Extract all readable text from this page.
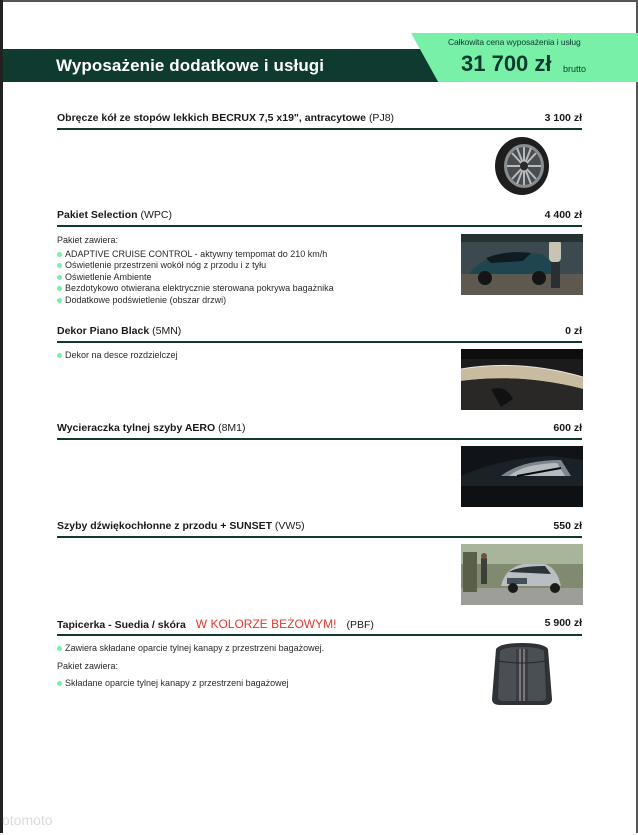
Wyposażenie dodatkowe i usługi
Całkowita cena wyposażenia i usług
31 700 zł brutto
Obręcze kół ze stopów lekkich BECRUX 7,5 x19", antracytowe (PJ8)	3 100 zł
Pakiet Selection (WPC)	4 400 zł
Pakiet zawiera:
ADAPTIVE CRUISE CONTROL - aktywny tempomat do 210 km/h
Oświetlenie przestrzeni wokół nóg z przodu i z tyłu
Oświetlenie Ambiente
Bezdotykowo otwierana elektrycznie sterowana pokrywa bagażnika
Dodatkowe podświetlenie (obszar drzwi)
Dekor Piano Black (5MN)	0 zł
Dekor na desce rozdzielczej
Wycieraczka tylnej szyby AERO (8M1)	600 zł
Szyby dźwiękochłonne z przodu + SUNSET (VW5)	550 zł
Tapicerka - Suedia / skóra W KOLORZE BEŻOWYM! (PBF)	5 900 zł
Zawiera składane oparcie tylnej kanapy z przestrzeni bagażowej.
Pakiet zawiera:
Składane oparcie tylnej kanapy z przestrzeni bagażowej
otomoto
